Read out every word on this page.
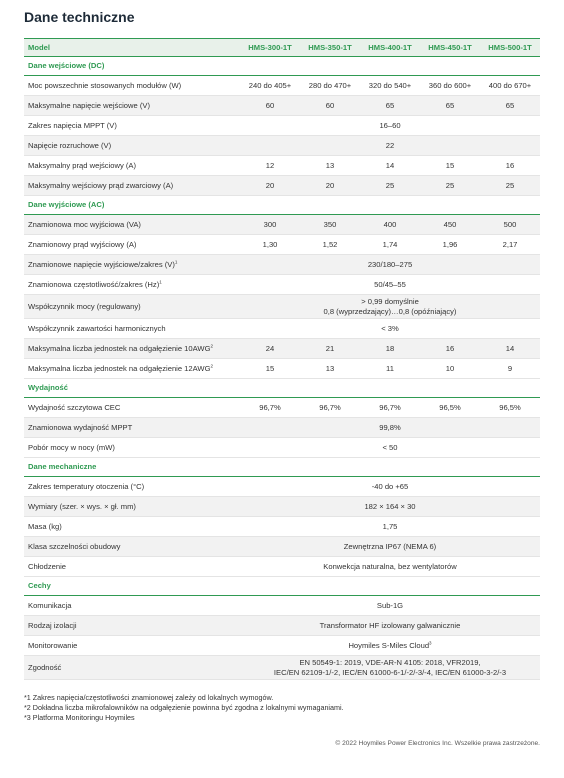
Dane techniczne
Model	HMS-300-1T	HMS-350-1T	HMS-400-1T	HMS-450-1T	HMS-500-1T
Dane wejściowe (DC)					
Moc powszechnie stosowanych modułów (W)	240 do 405+	280 do 470+	320 do 540+	360 do 600+	400 do 670+
Maksymalne napięcie wejściowe (V)	60	60	65	65	65
Zakres napięcia MPPT (V)	16–60				
Napięcie rozruchowe (V)	22				
Maksymalny prąd wejściowy (A)	12	13	14	15	16
Maksymalny wejściowy prąd zwarciowy (A)	20	20	25	25	25
Dane wyjściowe (AC)					
Znamionowa moc wyjściowa (VA)	300	350	400	450	500
Znamionowy prąd wyjściowy (A)	1,30	1,52	1,74	1,96	2,17
Znamionowe napięcie wyjściowe/zakres $(V)^1$	230/180–275				
Znamionowa częstotliwość/zakres $(Hz)^1$	50/45–55				
Współczynnik mocy (regulowany)	> 0,99 domyślnie
0,8 (wyprzedzający)…0,8 (opóźniający)				
Współczynnik zawartości harmonicznych	< 3%				
Maksymalna liczba jednostek na odgałęzienie 10AWG$^2$	24	21	18	16	14
Maksymalna liczba jednostek na odgałęzienie 12AWG$^2$	15	13	11	10	9
Wydajność					
Wydajność szczytowa CEC	96,7%	96,7%	96,7%	96,5%	96,5%
Znamionowa wydajność MPPT	99,8%				
Pobór mocy w nocy (mW)	< 50				
Dane mechaniczne					
Zakres temperatury otoczenia (°C)	-40 do +65				
Wymiary (szer. × wys. × gł. mm)	182 × 164 × 30				
Masa (kg)	1,75				
Klasa szczelności obudowy	Zewnętrzna IP67 (NEMA 6)				
Chłodzenie	Konwekcja naturalna, bez wentylatorów				
Cechy					
Komunikacja	Sub-1G				
Rodzaj izolacji	Transformator HF izolowany galwanicznie				
Monitorowanie	Hoymiles S-Miles Cloud$^3$
Zgodność	EN 50549-1: 2019, VDE-AR-N 4105: 2018, VFR2019,
IEC/EN 62109-1/-2, IEC/EN 61000-6-1/-2/-3/-4, IEC/EN 61000-3-2/-3				

*1 Zakres napięcia/częstotliwości znamionowej zależy od lokalnych wymogów.

*2 Dokładna liczba mikrofalowników na odgałęzienie powinna być zgodna z lokalnymi wymaganiami.

*3 Platforma Monitoringu Hoymiles

© 2022 Hoymiles Power Electronics Inc. Wszelkie prawa zastrzeżone.
